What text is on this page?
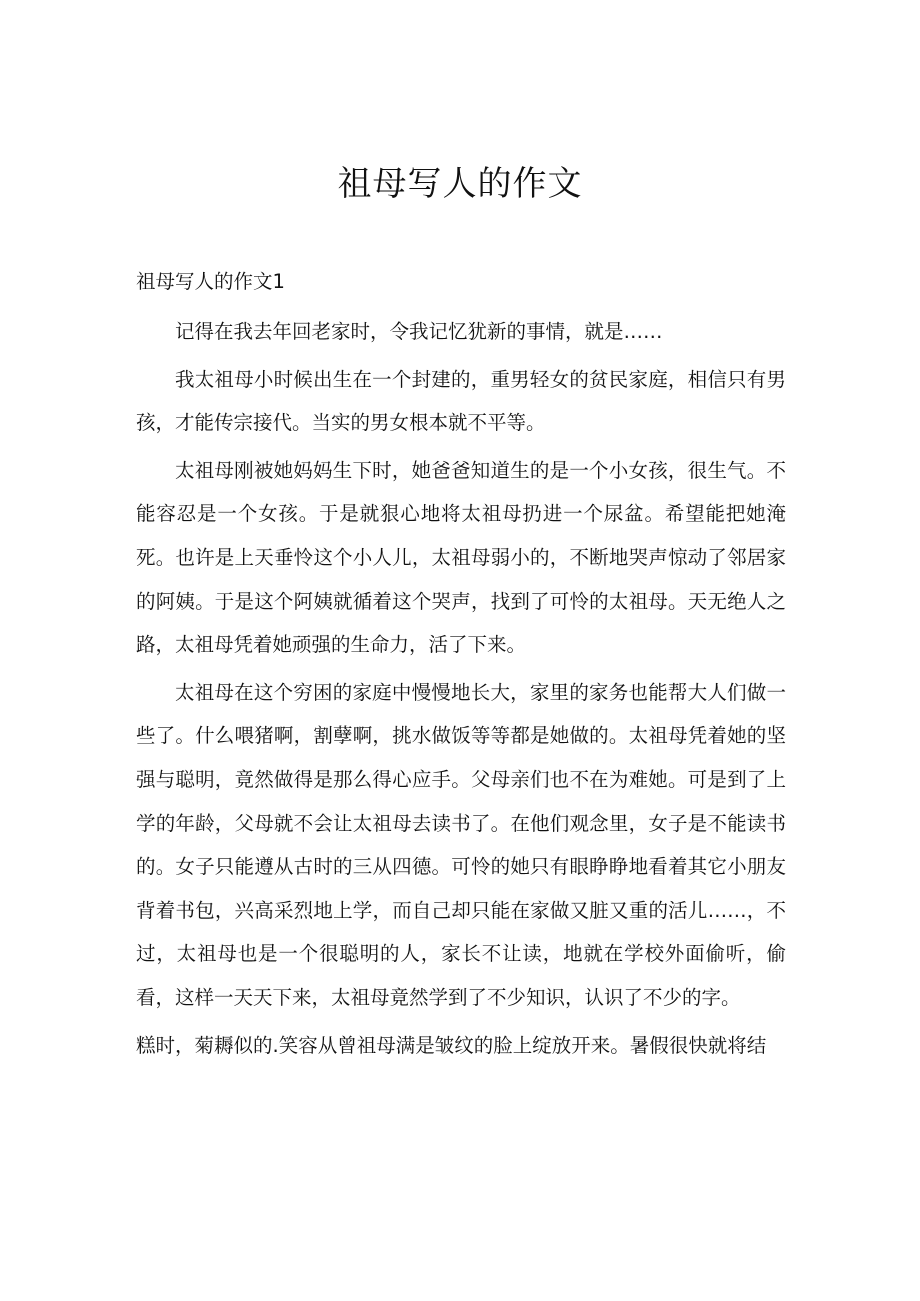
祖母写人的作文

祖母写人的作文1

记得在我去年回老家时，令我记忆犹新的事情，就是……

我太祖母小时候出生在一个封建的，重男轻女的贫民家庭，相信只有男孩，才能传宗接代。当实的男女根本就不平等。

太祖母刚被她妈妈生下时，她爸爸知道生的是一个小女孩，很生气。不能容忍是一个女孩。于是就狠心地将太祖母扔进一个尿盆。希望能把她淹死。也许是上天垂怜这个小人儿，太祖母弱小的，不断地哭声惊动了邻居家的阿姨。于是这个阿姨就循着这个哭声，找到了可怜的太祖母。天无绝人之路，太祖母凭着她顽强的生命力，活了下来。

太祖母在这个穷困的家庭中慢慢地长大，家里的家务也能帮大人们做一些了。什么喂猪啊，割孽啊，挑水做饭等等都是她做的。太祖母凭着她的坚强与聪明，竟然做得是那么得心应手。父母亲们也不在为难她。可是到了上学的年龄，父母就不会让太祖母去读书了。在他们观念里，女子是不能读书的。女子只能遵从古时的三从四德。可怜的她只有眼睁睁地看着其它小朋友背着书包，兴高采烈地上学，而自己却只能在家做又脏又重的活儿……，不过，太祖母也是一个很聪明的人，家长不让读，地就在学校外面偷听，偷看，这样一天天下来，太祖母竟然学到了不少知识，认识了不少的字。

糕时，菊耨似的.笑容从曾祖母满是皱纹的脸上绽放开来。暑假很快就将结
